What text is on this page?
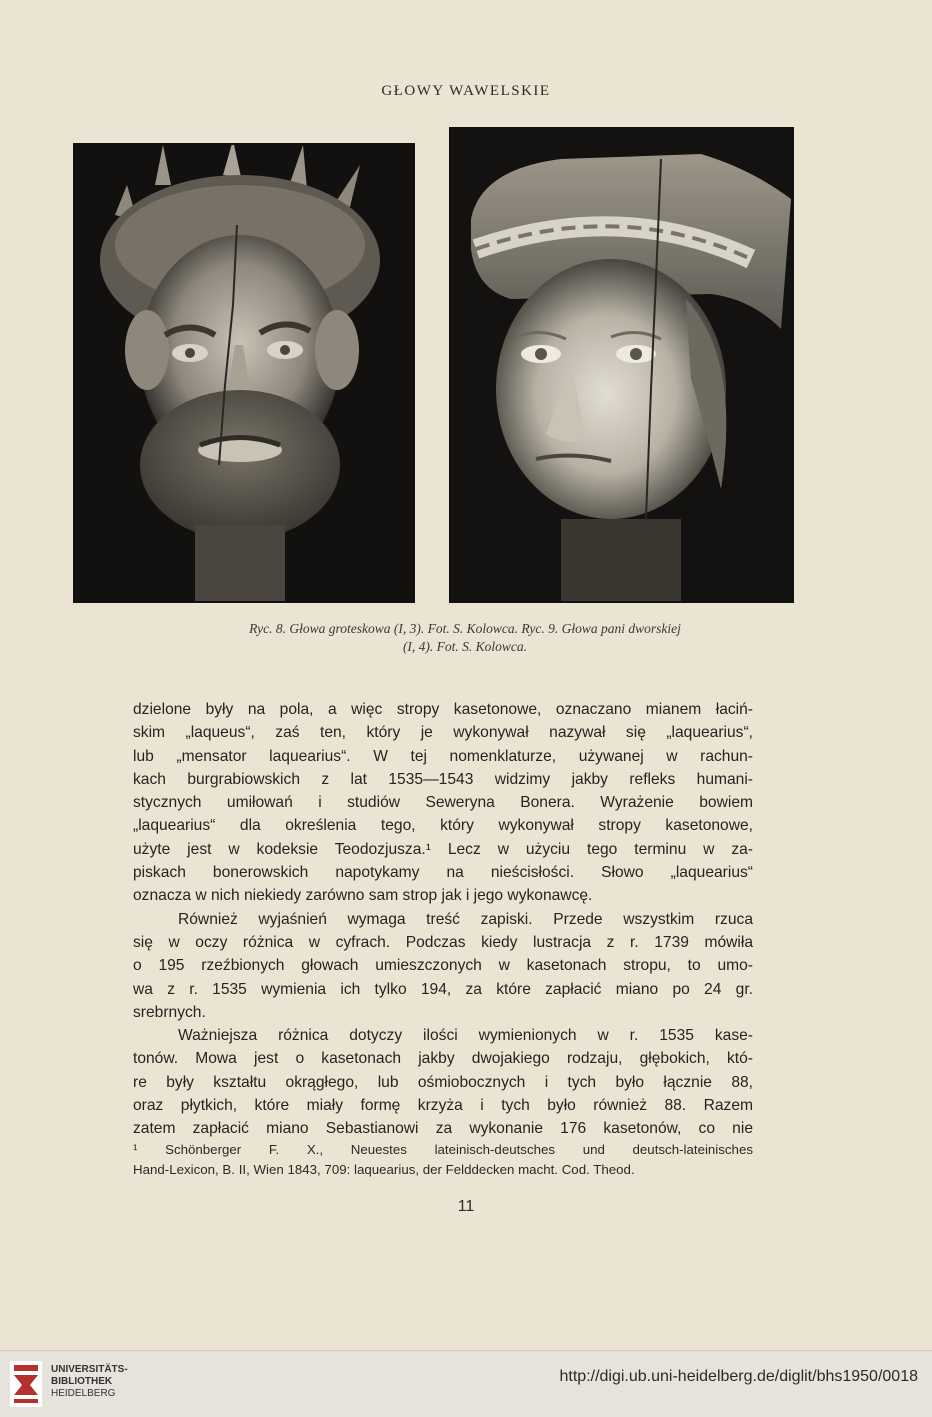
GŁOWY WAWELSKIE
Ryc. 8. Głowa groteskowa (I, 3). Fot. S. Kolowca. Ryc. 9. Głowa pani dworskiej
(I, 4). Fot. S. Kolowca.
dzielone były na pola, a więc stropy kasetonowe, oznaczano mianem łaciń-
skim „laqueus“, zaś ten, który je wykonywał nazywał się „laquearius“,
lub „mensator laquearius“. W tej nomenklaturze, używanej w rachun-
kach burgrabiowskich z lat 1535—1543 widzimy jakby refleks humani-
stycznych umiłowań i studiów Seweryna Bonera. Wyrażenie bowiem
„laquearius“ dla określenia tego, który wykonywał stropy kasetonowe,
użyte jest w kodeksie Teodozjusza.¹ Lecz w użyciu tego terminu w za-
piskach bonerowskich napotykamy na nieścisłości. Słowo „laquearius“
oznacza w nich niekiedy zarówno sam strop jak i jego wykonawcę.
Również wyjaśnień wymaga treść zapiski. Przede wszystkim rzuca
się w oczy różnica w cyfrach. Podczas kiedy lustracja z r. 1739 mówiła
o 195 rzeźbionych głowach umieszczonych w kasetonach stropu, to umo-
wa z r. 1535 wymienia ich tylko 194, za które zapłacić miano po 24 gr.
srebrnych.
Ważniejsza różnica dotyczy ilości wymienionych w r. 1535 kase-
tonów. Mowa jest o kasetonach jakby dwojakiego rodzaju, głębokich, któ-
re były kształtu okrągłego, lub ośmiobocznych i tych było łącznie 88,
oraz płytkich, które miały formę krzyża i tych było również 88. Razem
zatem zapłacić miano Sebastianowi za wykonanie 176 kasetonów, co nie
¹ Schönberger F. X., Neuestes lateinisch-deutsches und deutsch-lateinisches
Hand-Lexicon, B. II, Wien 1843, 709: laquearius, der Felddecken macht. Cod. Theod.
11
UNIVERSITÄTS-
BIBLIOTHEK
HEIDELBERG
http://digi.ub.uni-heidelberg.de/diglit/bhs1950/0018
